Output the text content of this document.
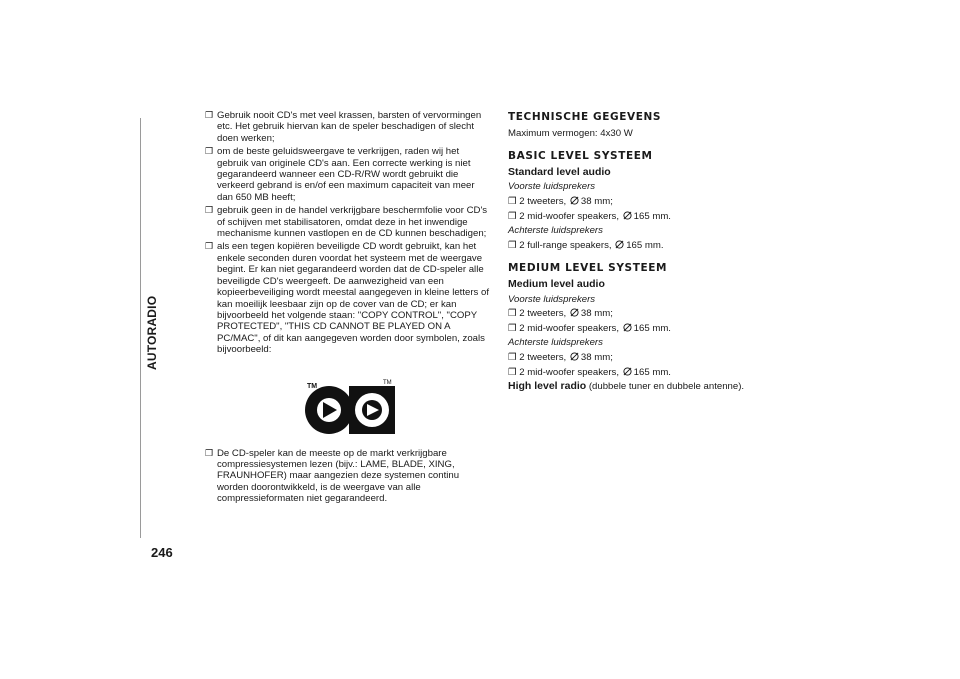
AUTORADIO
246
❒ Gebruik nooit CD's met veel krassen, barsten of vervormingen etc. Het gebruik hiervan kan de speler beschadigen of slecht doen werken;
❒ om de beste geluidsweergave te verkrijgen, raden wij het gebruik van originele CD's aan. Een correcte werking is niet gegarandeerd wanneer een CD-R/RW wordt gebruikt die verkeerd gebrand is en/of een maximum capaciteit van meer dan 650 MB heeft;
❒ gebruik geen in de handel verkrijgbare beschermfolie voor CD's of schijven met stabilisatoren, omdat deze in het inwendige mechanisme kunnen vastlopen en de CD kunnen beschadigen;
❒ als een tegen kopiëren beveiligde CD wordt gebruikt, kan het enkele seconden duren voordat het systeem met de weergave begint. Er kan niet gegarandeerd worden dat de CD-speler alle beveiligde CD's weergeeft. De aanwezigheid van een kopieerbeveiliging wordt meestal aangegeven in kleine letters of kan moeilijk leesbaar zijn op de cover van de CD; er kan bijvoorbeeld het volgende staan: "COPY CONTROL", "COPY PROTECTED", "THIS CD CANNOT BE PLAYED ON A PC/MAC", of dit kan aangegeven worden door symbolen, zoals bijvoorbeeld:
TM	TM
❒ De CD-speler kan de meeste op de markt verkrijgbare compressiesystemen lezen (bijv.: LAME, BLADE, XING, FRAUNHOFER) maar aangezien deze systemen continu worden doorontwikkeld, is de weergave van alle compressieformaten niet gegarandeerd.
TECHNISCHE GEGEVENS
Maximum vermogen: 4x30 W
BASIC LEVEL SYSTEEM
Standard level audio
Voorste luidsprekers
❒ 2 tweeters, 38 mm;
❒ 2 mid-woofer speakers, 165 mm.
Achterste luidsprekers
❒ 2 full-range speakers, 165 mm.
MEDIUM LEVEL SYSTEEM
Medium level audio
Voorste luidsprekers
❒ 2 tweeters, 38 mm;
❒ 2 mid-woofer speakers, 165 mm.
Achterste luidsprekers
❒ 2 tweeters, 38 mm;
❒ 2 mid-woofer speakers, 165 mm.
High level radio (dubbele tuner en dubbele antenne).
